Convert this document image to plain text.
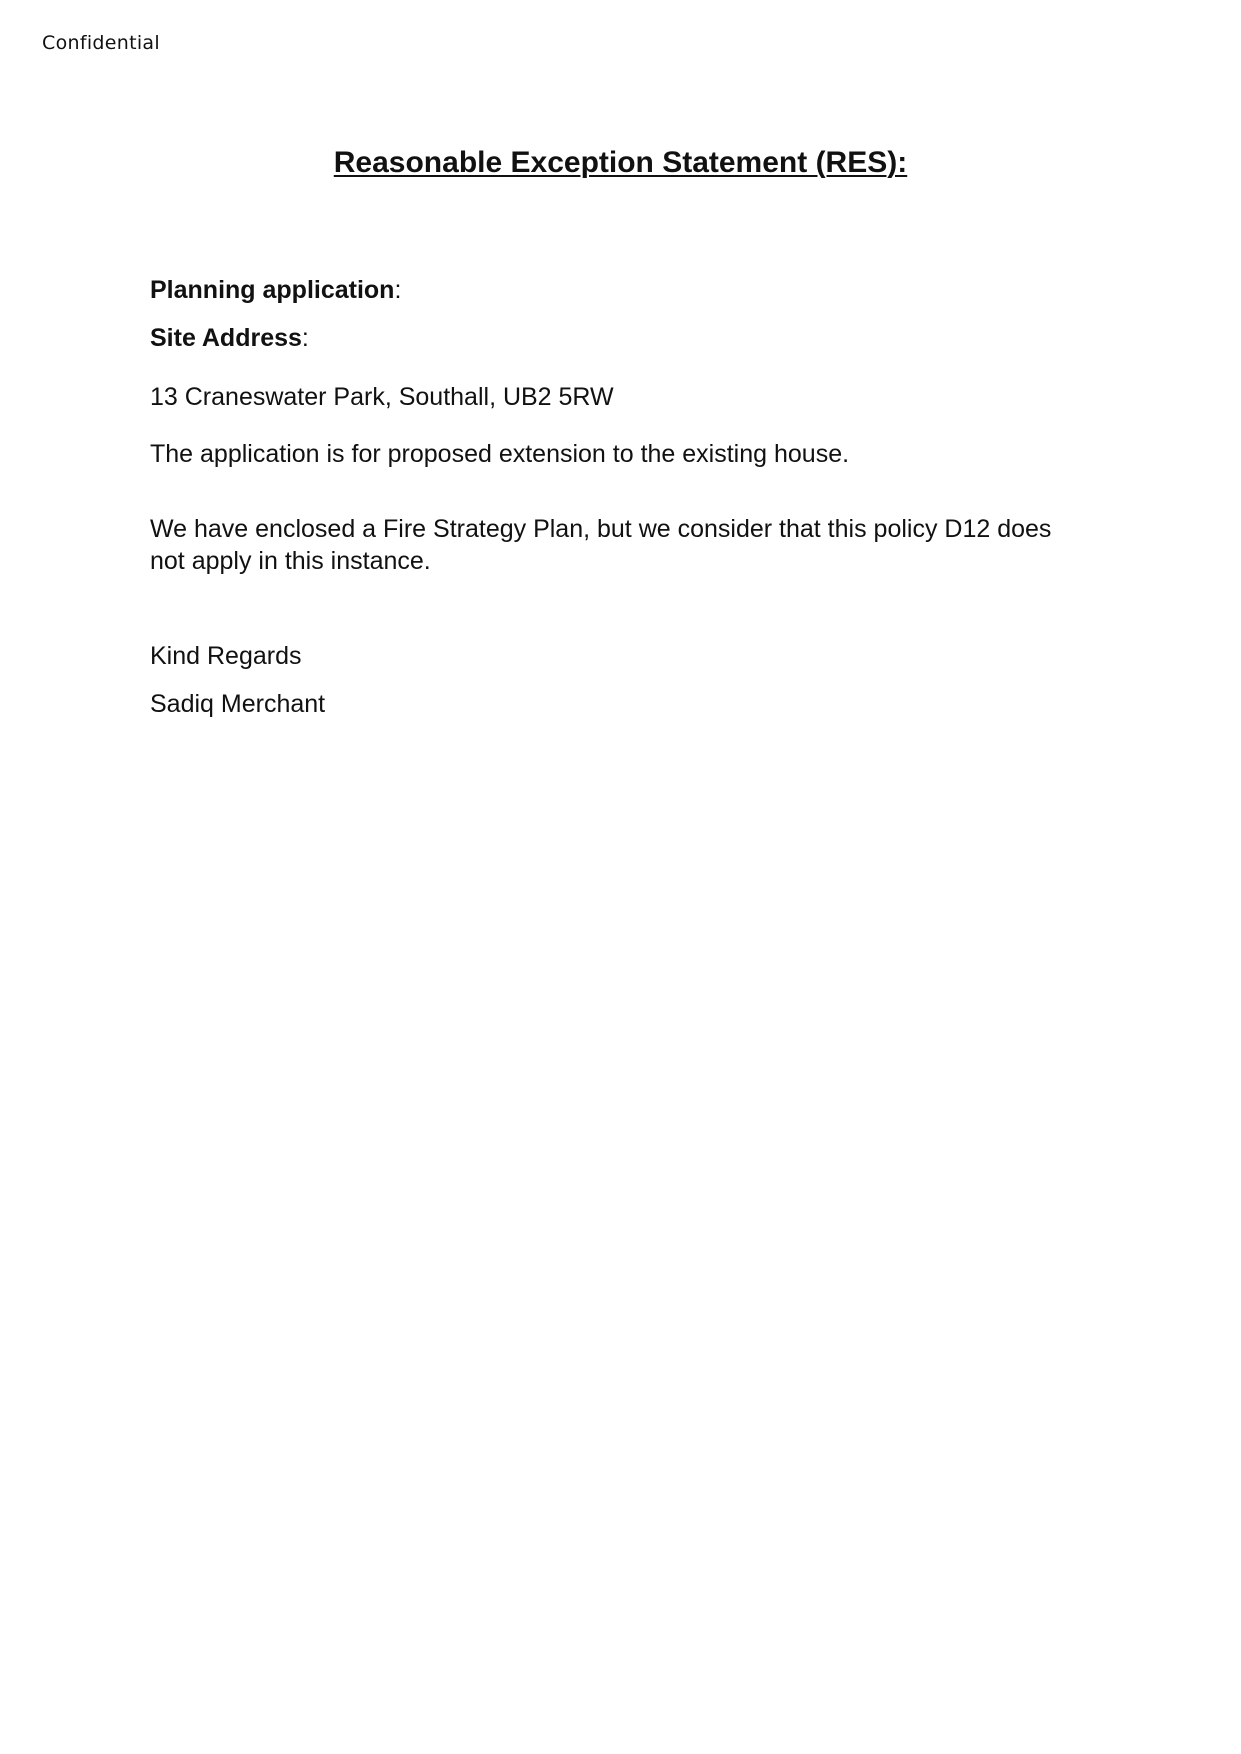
Confidential
Reasonable Exception Statement (RES):
Planning application:
Site Address:
13 Craneswater Park, Southall, UB2 5RW
The application is for proposed extension to the existing house.
We have enclosed a Fire Strategy Plan, but we consider that this policy D12 does not apply in this instance.
Kind Regards
Sadiq Merchant
